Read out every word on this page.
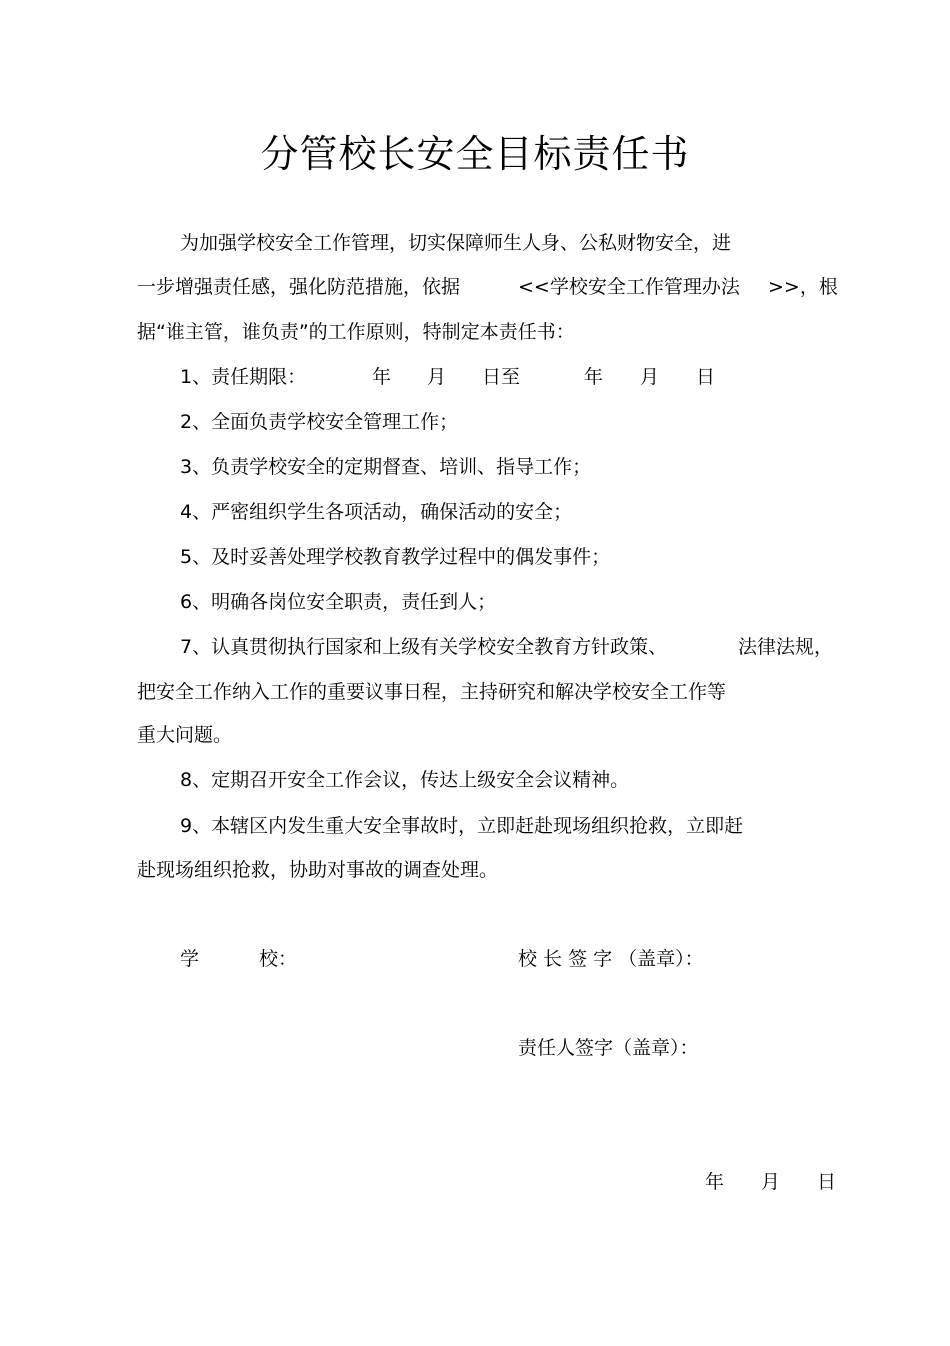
分管校长安全目标责任书
为加强学校安全工作管理，切实保障师生人身、公私财物安全，进
一步增强责任感，强化防范措施，依据	<<学校安全工作管理办法 >>，根
据“谁主管，谁负责”的工作原则，特制定本责任书：
1、责任期限：	年 月 日至	年 月 日
2、全面负责学校安全管理工作；
3、负责学校安全的定期督查、培训、指导工作；
4、严密组织学生各项活动，确保活动的安全；
5、及时妥善处理学校教育教学过程中的偶发事件；
6、明确各岗位安全职责，责任到人；
7、认真贯彻执行国家和上级有关学校安全教育方针政策、	法律法规，
把安全工作纳入工作的重要议事日程，主持研究和解决学校安全工作等
重大问题。
8、定期召开安全工作会议，传达上级安全会议精神。
9、本辖区内发生重大安全事故时，立即赶赴现场组织抢救，立即赶
赴现场组织抢救，协助对事故的调查处理。
学	校：	校 长 签 字 （盖章）：
责任人签字（盖章）：
年 月 日
